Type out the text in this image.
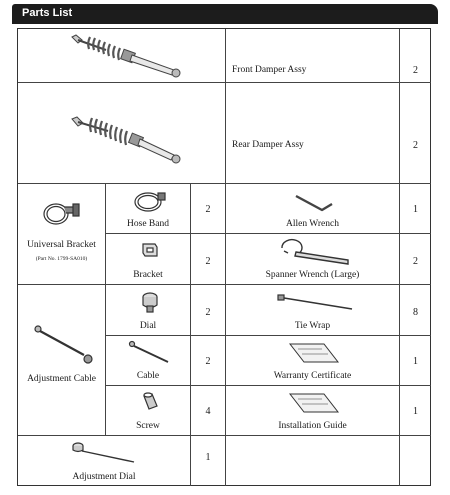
Parts List
Front Damper Assy	2
Rear Damper Assy	2
Universal Bracket
(Part No. 1799-SA010)
Hose Band
2
Allen Wrench
1
Bracket
2
Spanner Wrench (Large)
2
Adjustment Cable
Dial
2
Tie Wrap
8
Cable
2
Warranty Certificate
1
Screw
4
Installation Guide
1
Adjustment Dial
1
